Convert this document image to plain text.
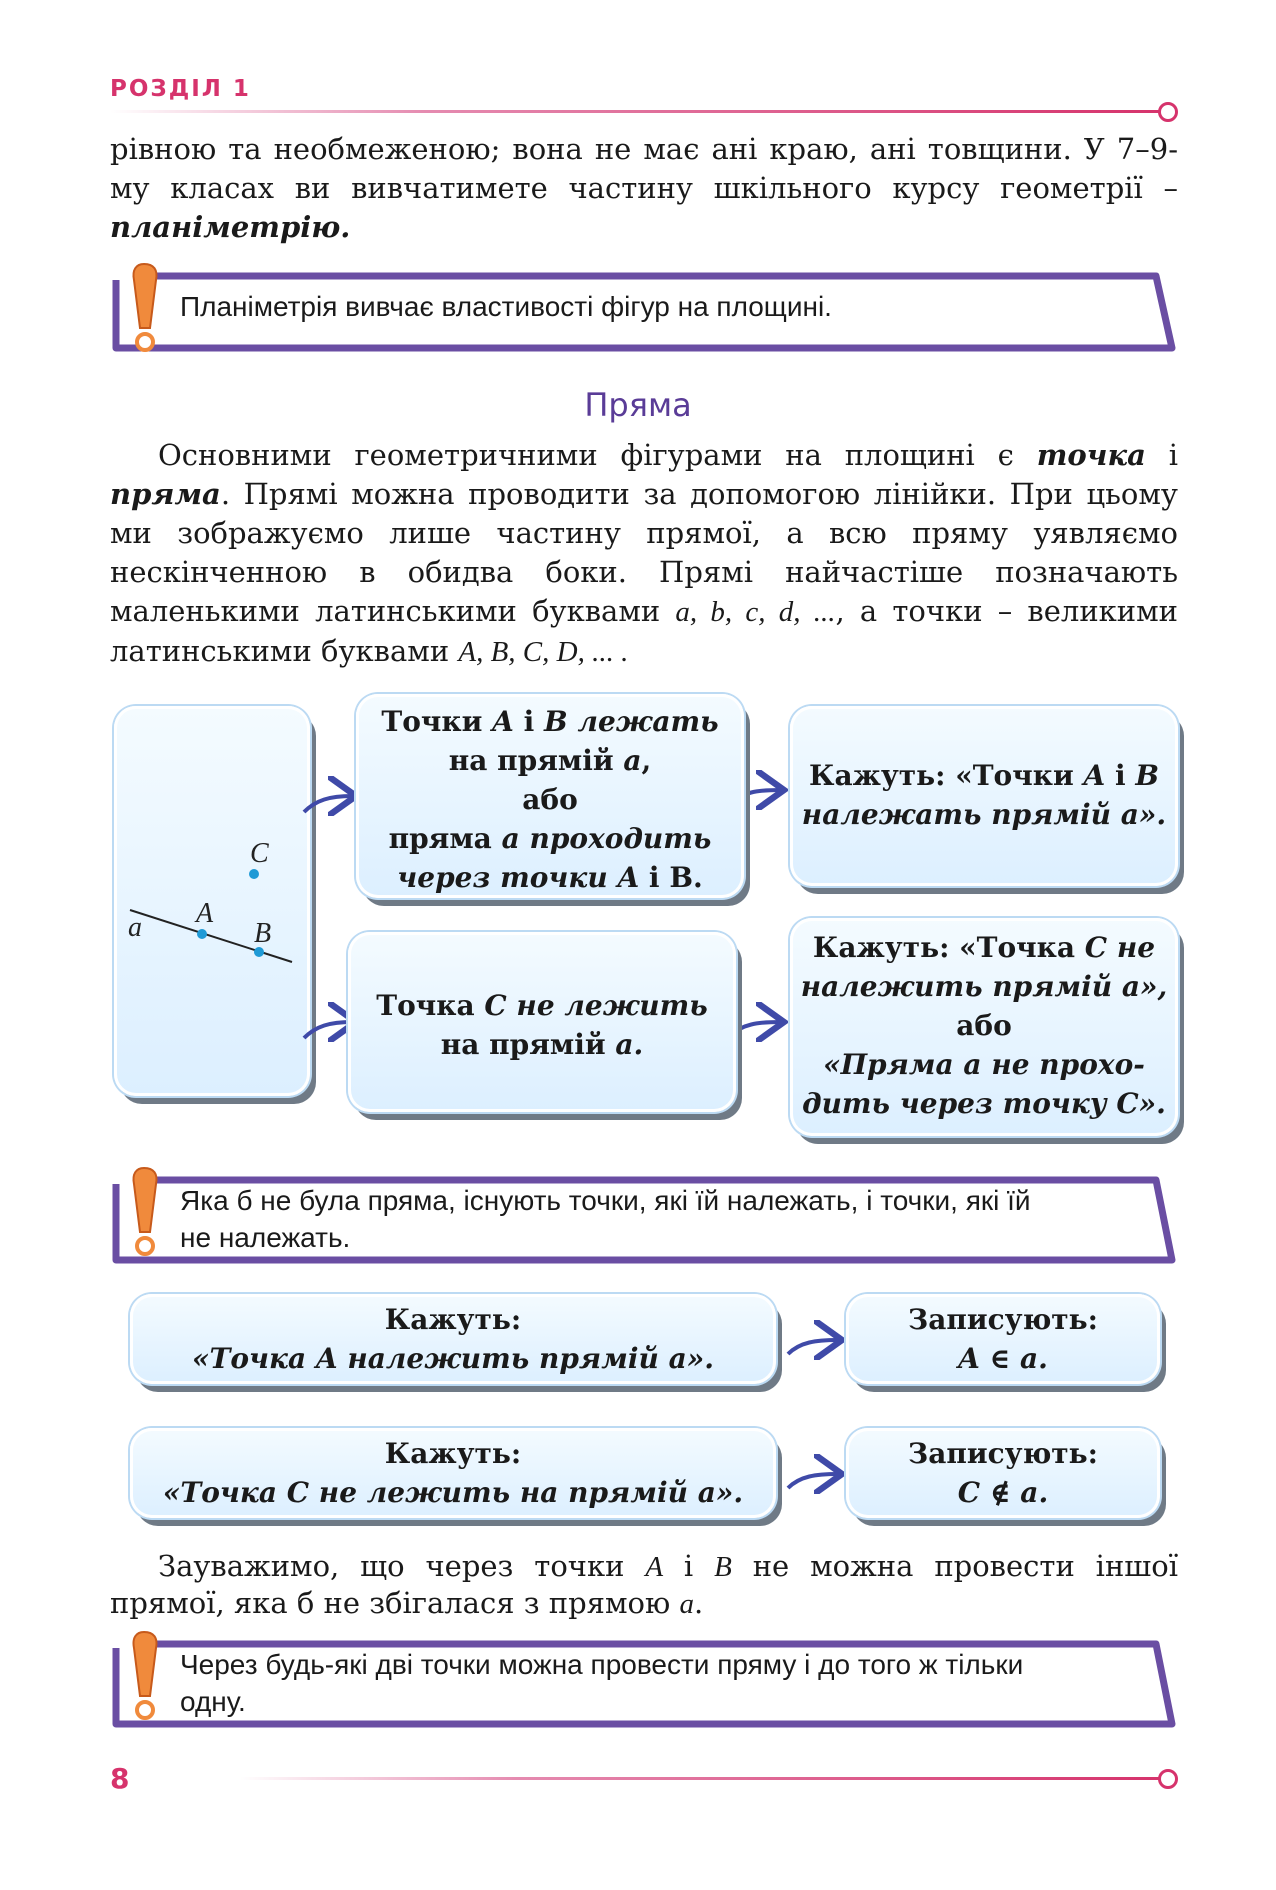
РОЗДІЛ 1

рівною та необмеженою; вона не має ані краю, ані товщини. У 7–9-му класах ви вивчатимете частину шкільного курсу геометрії – планіметрію.

Планіметрія вивчає властивості фігур на площині.
Пряма

Основними геометричними фігурами на площині є точка і пряма. Прямі можна проводити за допомогою лінійки. При цьому ми зображуємо лише частину прямої, а всю пряму уявляємо нескінченною в обидва боки. Прямі найчастіше позначають маленькими латинськими буквами a, b, c, d, ..., а точки – великими латинськими буквами A, B, C, D, ... .

a A
B
C
Точки A і B лежать
на прямій a,
або
пряма a проходить
через точки A і B.
Кажуть: «Точки A і B
належать прямій a».
Точка C не лежить
на прямій a.
Кажуть: «Точка C не
належить прямій a»,
або
«Пряма a не прохо-
дить через точку C».
Яка б не була пряма, існують точки, які їй належать, і точки, які їй
не належать.
Кажуть:
«Точка A належить прямій a».
Записують:
A ∈ a.
Кажуть:
«Точка C не лежить на прямій a».
Записують:
C ∉ a.

Зауважимо, що через точки A і B не можна провести іншої прямої, яка б не збігалася з прямою a.

Через будь-які дві точки можна провести пряму і до того ж тільки
одну.
8
